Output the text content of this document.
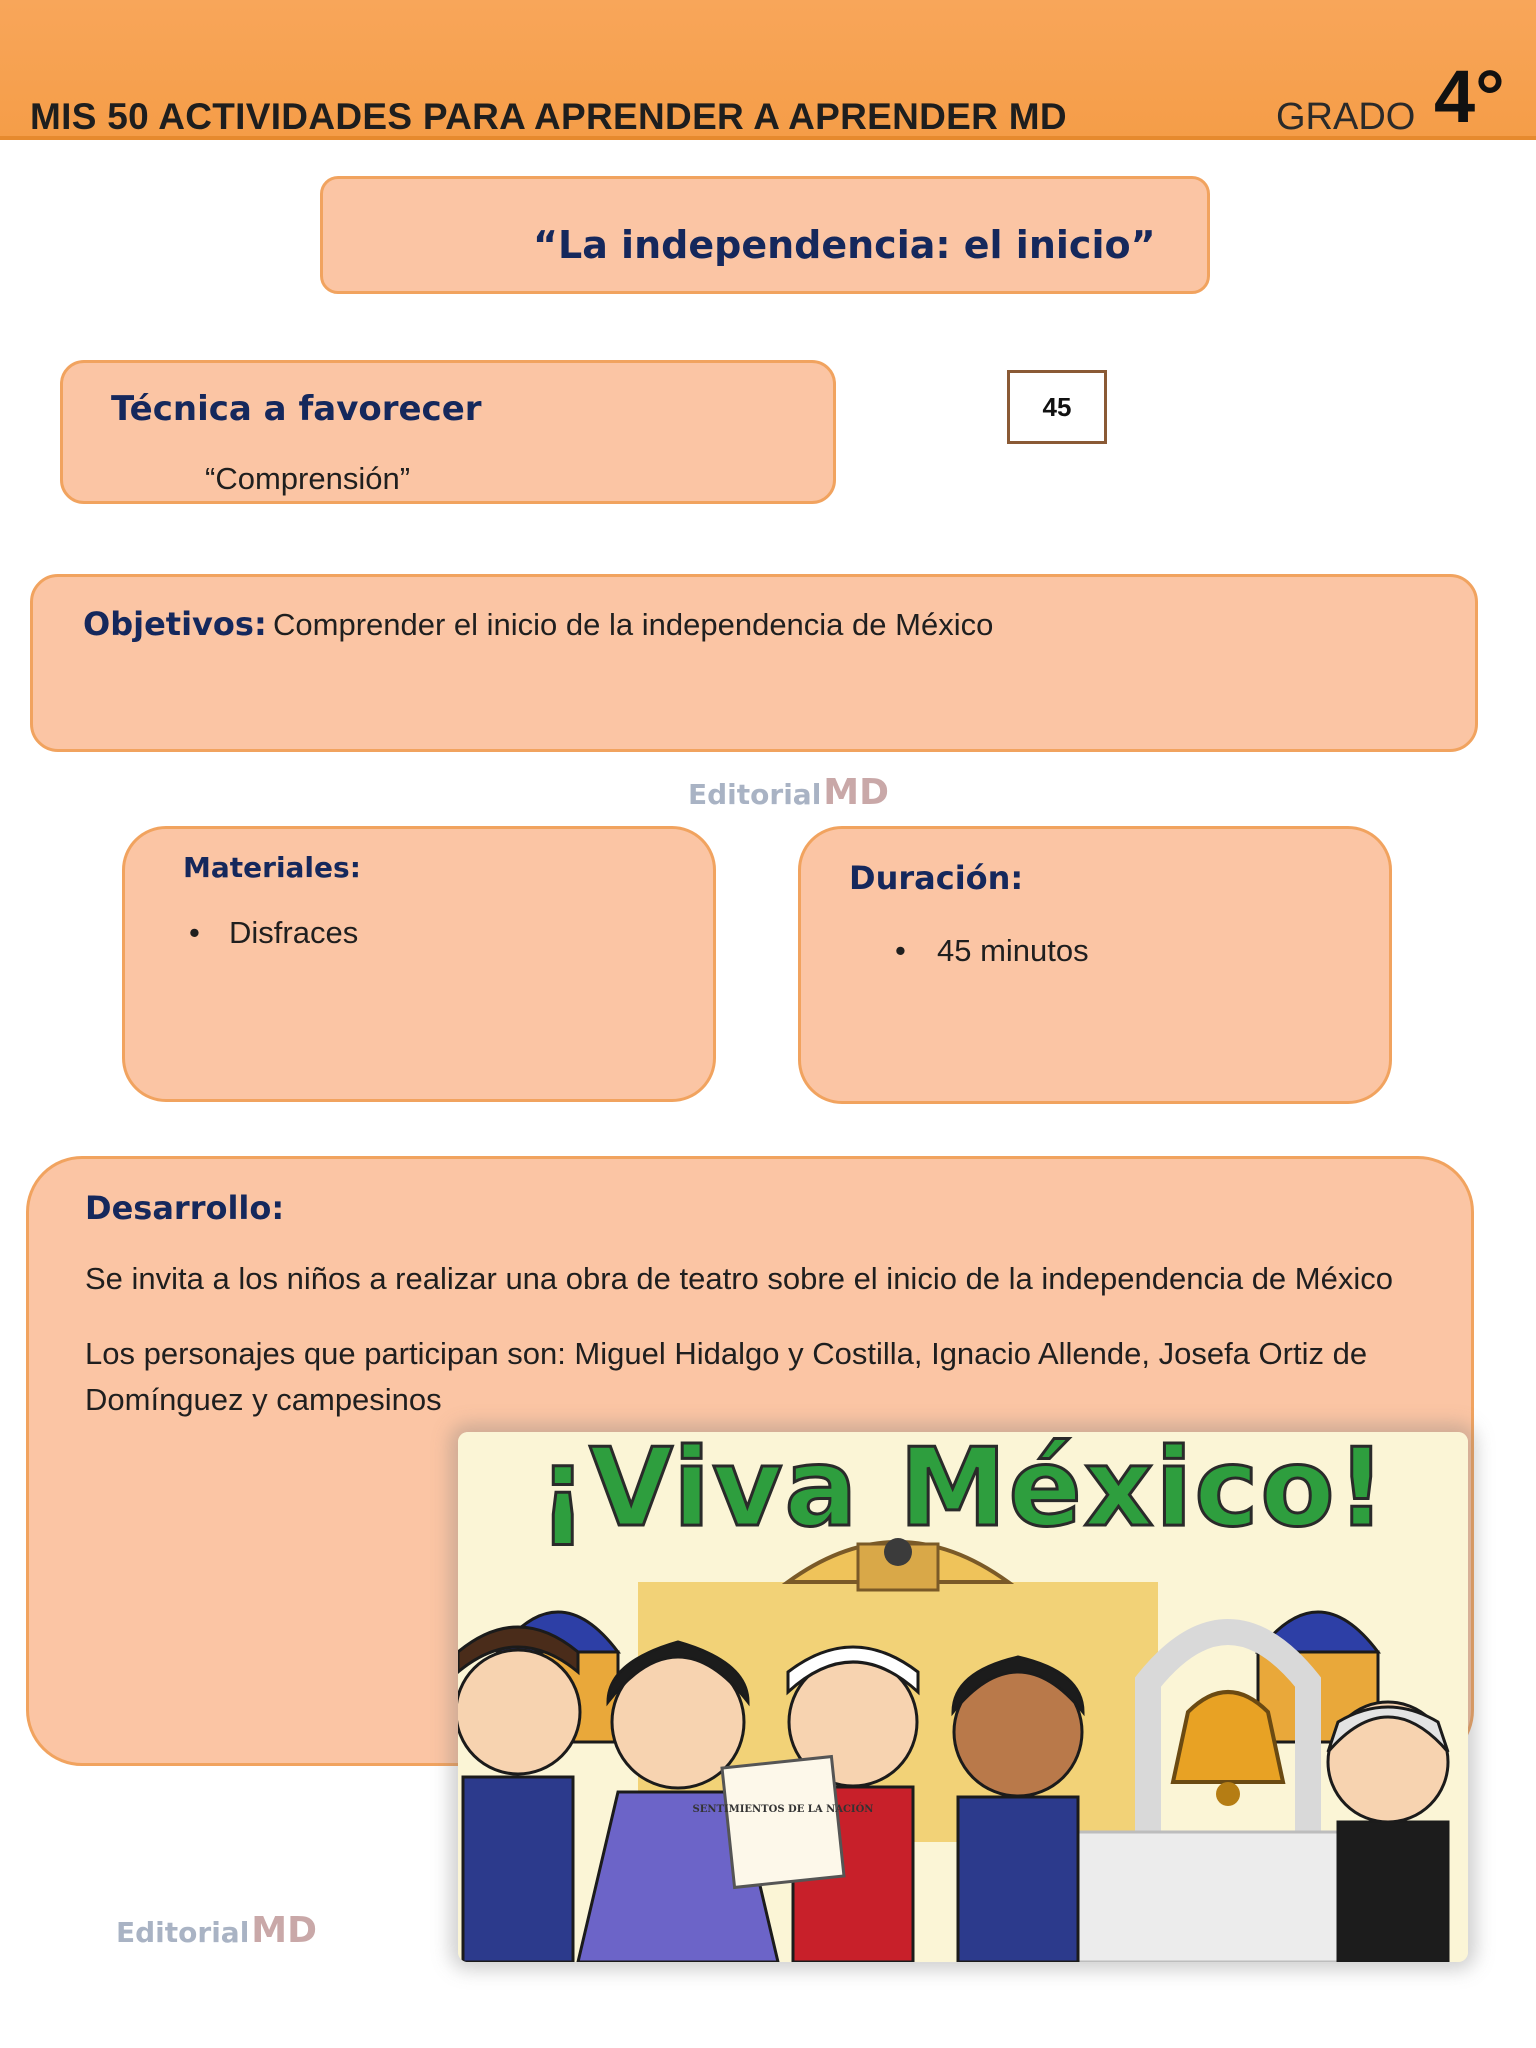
MIS 50 ACTIVIDADES PARA APRENDER A APRENDER MD	GRADO 4°
“La independencia: el inicio”
Técnica a favorecer
“Comprensión”
45
Objetivos: Comprender el inicio de la independencia de México
EditorialMD
Materiales:
• Disfraces
Duración:
• 45 minutos
Desarrollo:
Se invita a los niños a realizar una obra de teatro sobre el inicio de la independencia de México
Los personajes que participan son: Miguel Hidalgo y Costilla, Ignacio Allende, Josefa Ortiz de Domínguez y campesinos
SENTIMIENTOS DE LA NACIÓN
¡Viva México!
EditorialMD
